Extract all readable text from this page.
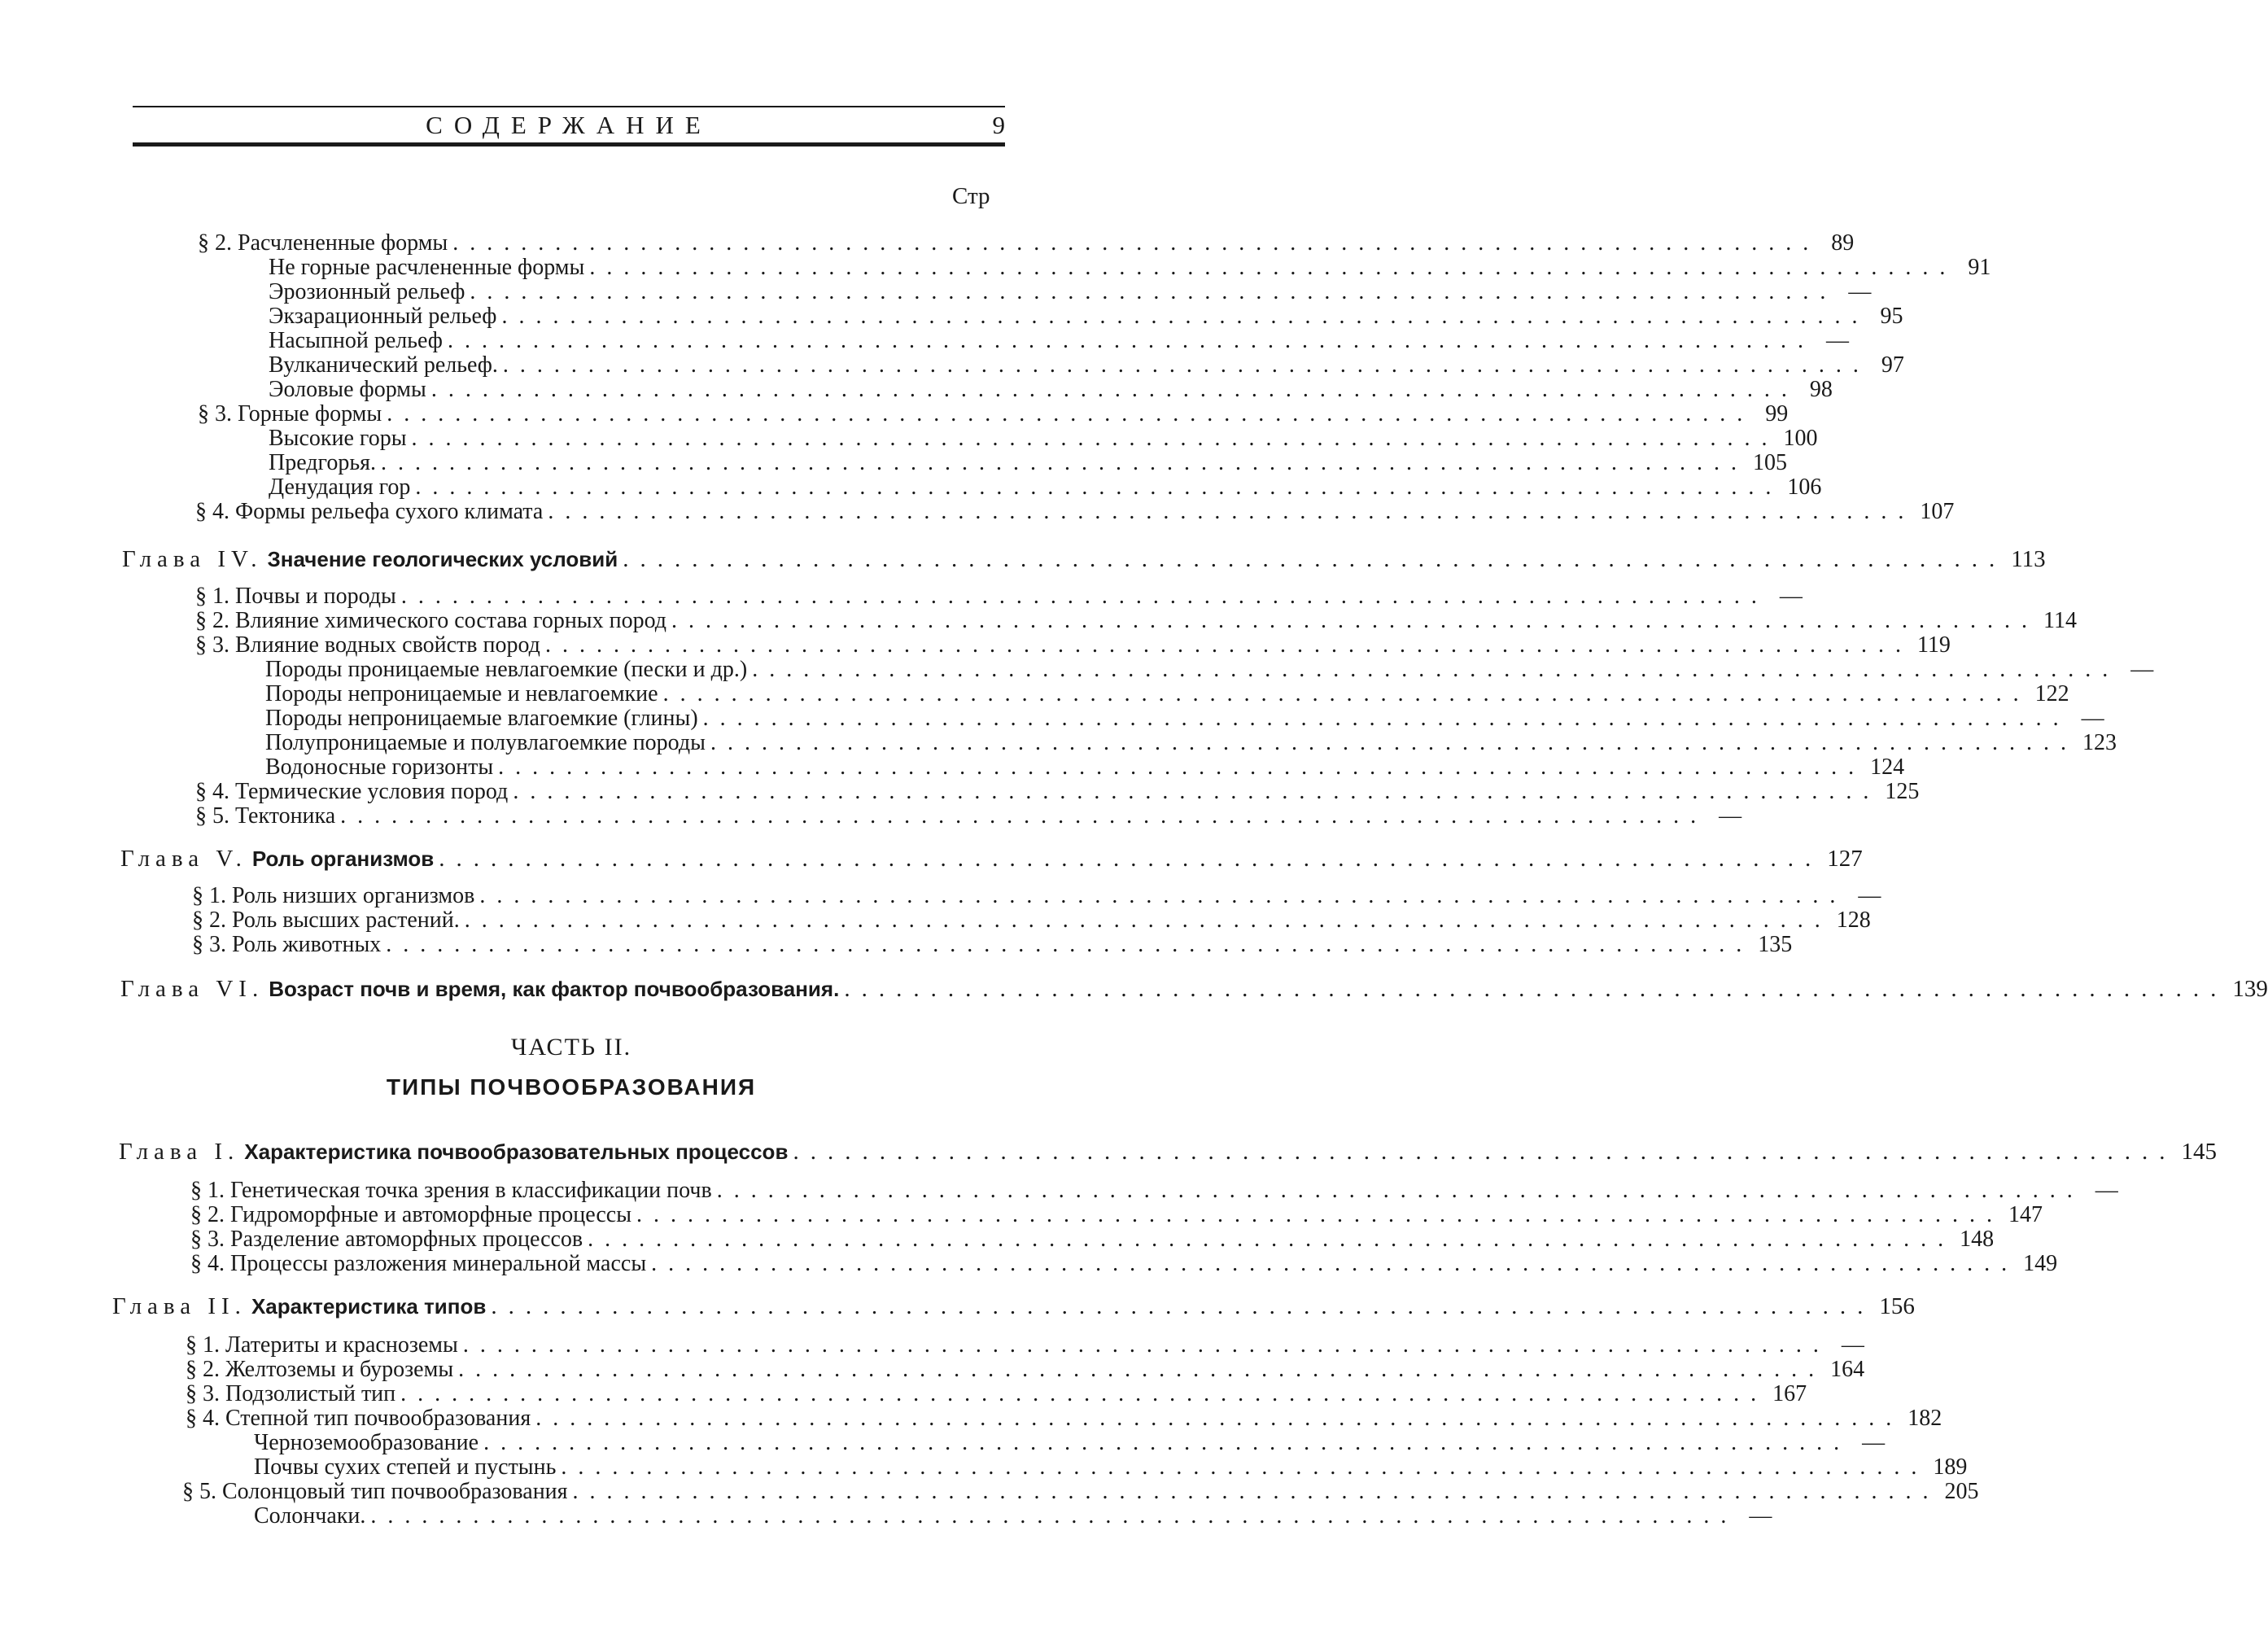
СОДЕРЖАНИЕ	9
Стр
§ 2. Расчлененные формы ................................................................................ 89
Не горные расчлененные формы ................................................................................ 91
Эрозионный рельеф ................................................................................ —
Экзарационный рельеф ................................................................................ 95
Насыпной рельеф ................................................................................ —
Вулканический рельеф. ................................................................................ 97
Эоловые формы ................................................................................ 98
§ 3. Горные формы ................................................................................ 99
Высокие горы ................................................................................ 100
Предгорья. ................................................................................ 105
Денудация гор ................................................................................ 106
§ 4. Формы рельефа сухого климата ................................................................................ 107
Глава IV. Значение геологических условий ................................................................................ 113
§ 1. Почвы и породы ................................................................................ —
§ 2. Влияние химического состава горных пород ................................................................................ 114
§ 3. Влияние водных свойств пород ................................................................................ 119
Породы проницаемые невлагоемкие (пески и др.) ................................................................................ —
Породы непроницаемые и невлагоемкие ................................................................................ 122
Породы непроницаемые влагоемкие (глины) ................................................................................ —
Полупроницаемые и полувлагоемкие породы ................................................................................ 123
Водоносные горизонты ................................................................................ 124
§ 4. Термические условия пород ................................................................................ 125
§ 5. Тектоника ................................................................................ —
Глава V. Роль организмов ................................................................................ 127
§ 1. Роль низших организмов ................................................................................ —
§ 2. Роль высших растений. ................................................................................ 128
§ 3. Роль животных ................................................................................ 135
Глава VI. Возраст почв и время, как фактор почвообразования. ................................................................................ 139
Глава I. Характеристика почвообразовательных процессов ................................................................................ 145
§ 1. Генетическая точка зрения в классификации почв ................................................................................ —
§ 2. Гидроморфные и автоморфные процессы ................................................................................ 147
§ 3. Разделение автоморфных процессов ................................................................................ 148
§ 4. Процессы разложения минеральной массы ................................................................................ 149
Глава II. Характеристика типов ................................................................................ 156
§ 1. Латериты и красноземы ................................................................................ —
§ 2. Желтоземы и буроземы ................................................................................ 164
§ 3. Подзолистый тип ................................................................................ 167
§ 4. Степной тип почвообразования ................................................................................ 182
Черноземообразование ................................................................................ —
Почвы сухих степей и пустынь ................................................................................ 189
§ 5. Солонцовый тип почвообразования ................................................................................ 205
Солончаки. ................................................................................ —
ЧАСТЬ II.
ТИПЫ ПОЧВООБРАЗОВАНИЯ
